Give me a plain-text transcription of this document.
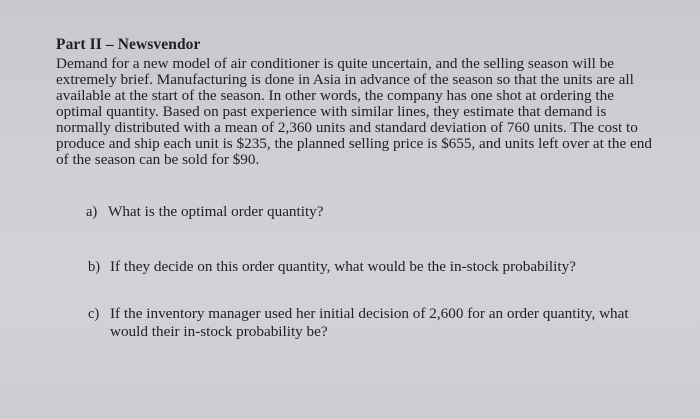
Part II – Newsvendor
Demand for a new model of air conditioner is quite uncertain, and the selling season will be
extremely brief. Manufacturing is done in Asia in advance of the season so that the units are all
available at the start of the season. In other words, the company has one shot at ordering the
optimal quantity. Based on past experience with similar lines, they estimate that demand is
normally distributed with a mean of 2,360 units and standard deviation of 760 units. The cost to
produce and ship each unit is $235, the planned selling price is $655, and units left over at the end
of the season can be sold for $90.
a) What is the optimal order quantity?
b) If they decide on this order quantity, what would be the in-stock probability?
c) If the inventory manager used her initial decision of 2,600 for an order quantity, what
would their in-stock probability be?
